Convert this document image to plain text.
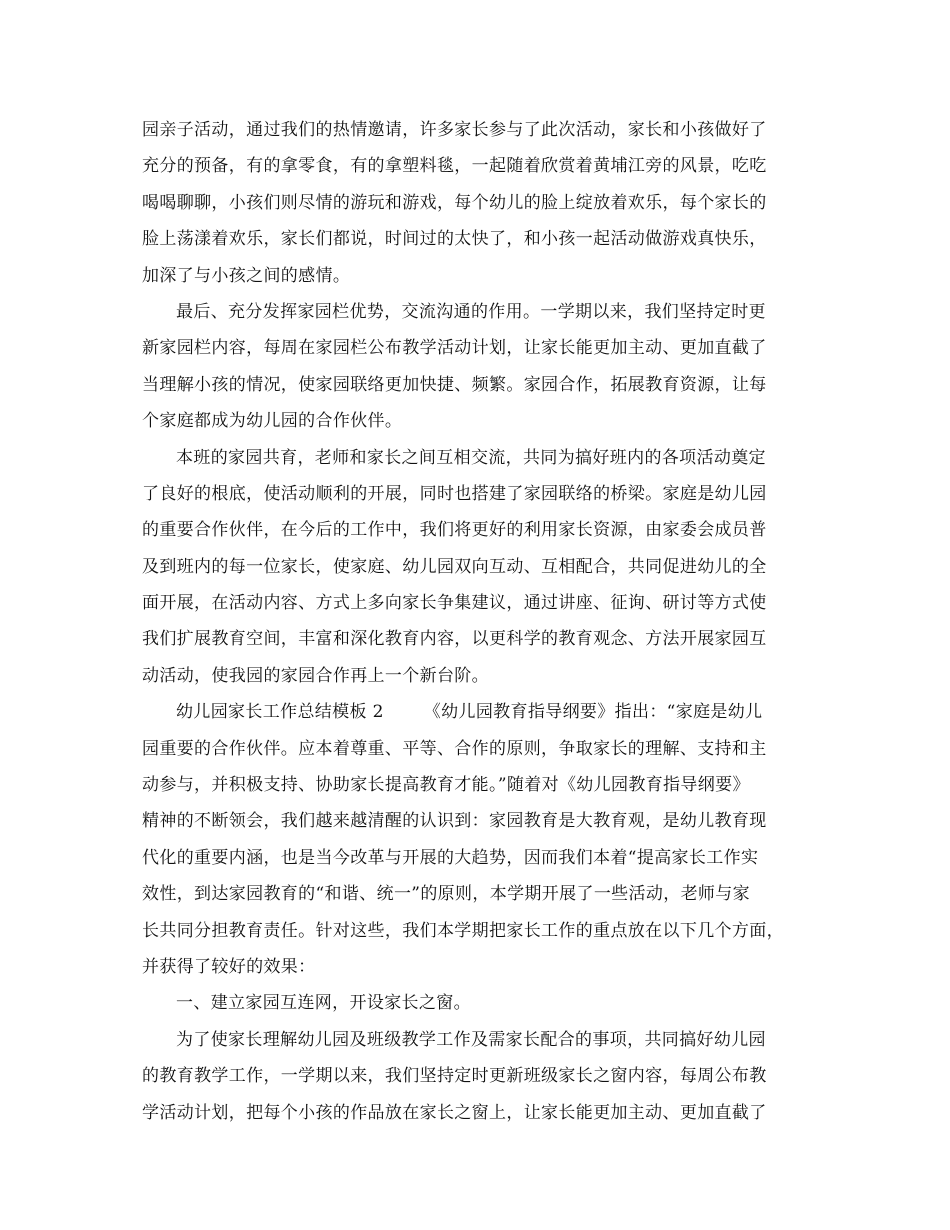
园亲子活动，通过我们的热情邀请，许多家长参与了此次活动，家长和小孩做好了
充分的预备，有的拿零食，有的拿塑料毯，一起随着欣赏着黄埔江旁的风景，吃吃
喝喝聊聊，小孩们则尽情的游玩和游戏，每个幼儿的脸上绽放着欢乐，每个家长的
脸上荡漾着欢乐，家长们都说，时间过的太快了，和小孩一起活动做游戏真快乐，
加深了与小孩之间的感情。
最后、充分发挥家园栏优势，交流沟通的作用。一学期以来，我们坚持定时更
新家园栏内容，每周在家园栏公布教学活动计划，让家长能更加主动、更加直截了
当理解小孩的情况，使家园联络更加快捷、频繁。家园合作，拓展教育资源，让每
个家庭都成为幼儿园的合作伙伴。
本班的家园共育，老师和家长之间互相交流，共同为搞好班内的各项活动奠定
了良好的根底，使活动顺利的开展，同时也搭建了家园联络的桥梁。家庭是幼儿园
的重要合作伙伴，在今后的工作中，我们将更好的利用家长资源，由家委会成员普
及到班内的每一位家长，使家庭、幼儿园双向互动、互相配合，共同促进幼儿的全
面开展，在活动内容、方式上多向家长争集建议，通过讲座、征询、研讨等方式使
我们扩展教育空间，丰富和深化教育内容，以更科学的教育观念、方法开展家园互
动活动，使我园的家园合作再上一个新台阶。
幼儿园家长工作总结模板 2 《幼儿园教育指导纲要》指出：“家庭是幼儿
园重要的合作伙伴。应本着尊重、平等、合作的原则，争取家长的理解、支持和主
动参与，并积极支持、协助家长提高教育才能。”随着对《幼儿园教育指导纲要》
精神的不断领会，我们越来越清醒的认识到：家园教育是大教育观，是幼儿教育现
代化的重要内涵，也是当今改革与开展的大趋势，因而我们本着“提高家长工作实
效性，到达家园教育的“和谐、统一”的原则，本学期开展了一些活动，老师与家
长共同分担教育责任。针对这些，我们本学期把家长工作的重点放在以下几个方面，
并获得了较好的效果：
一、建立家园互连网，开设家长之窗。
为了使家长理解幼儿园及班级教学工作及需家长配合的事项，共同搞好幼儿园
的教育教学工作，一学期以来，我们坚持定时更新班级家长之窗内容，每周公布教
学活动计划，把每个小孩的作品放在家长之窗上，让家长能更加主动、更加直截了
